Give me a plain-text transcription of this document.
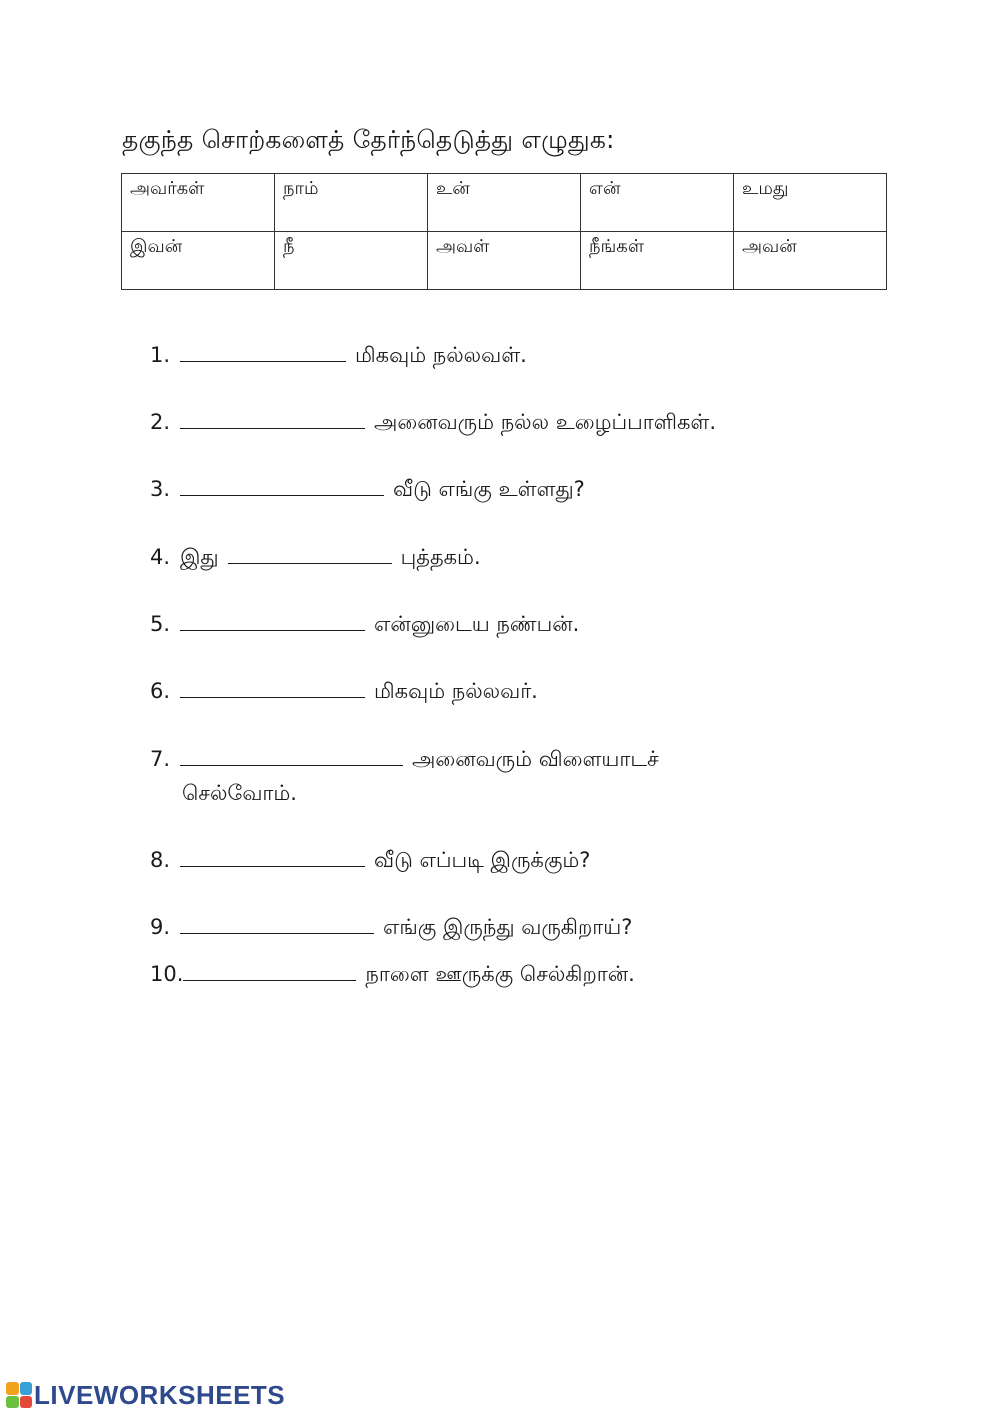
தகுந்த சொற்களைத் தேர்ந்தெடுத்து எழுதுக:
அவர்கள்	நாம்	உன்	என்	உமது
இவன்	நீ	அவள்	நீங்கள்	அவன்
1.	மிகவும் நல்லவள்.
2.	அனைவரும் நல்ல உழைப்பாளிகள்.
3.	வீடு எங்கு உள்ளது?
4. இது	புத்தகம்.
5.	என்னுடைய நண்பன்.
6.	மிகவும் நல்லவர்.
7.	அனைவரும் விளையாடச்
செல்வோம்.
8.	வீடு எப்படி இருக்கும்?
9.	எங்கு இருந்து வருகிறாய்?
10.	நாளை ஊருக்கு செல்கிறான்.
LIVEWORKSHEETS
